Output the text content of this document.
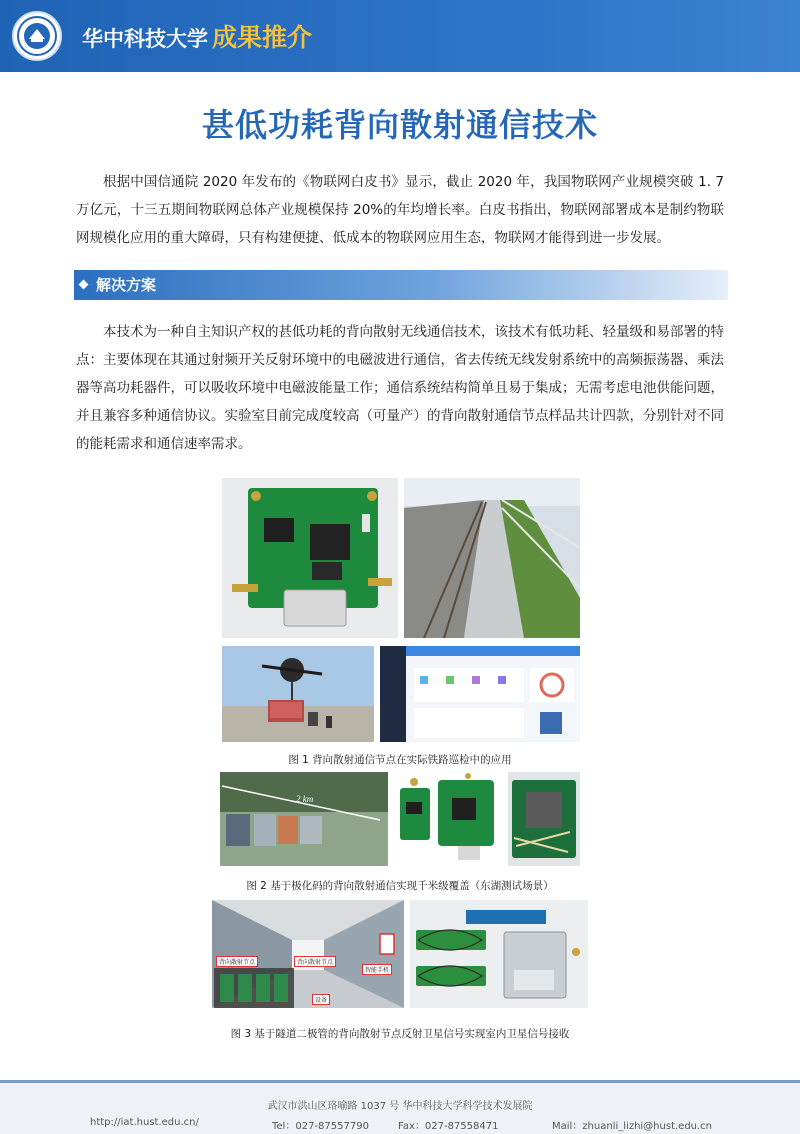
华中科技大学 成果推介
甚低功耗背向散射通信技术
根据中国信通院 2020 年发布的《物联网白皮书》显示，截止 2020 年，我国物联网产业规模突破 1. 7 万亿元，十三五期间物联网总体产业规模保持 20%的年均增长率。白皮书指出，物联网部署成本是制约物联网规模化应用的重大障碍，只有构建便捷、低成本的物联网应用生态，物联网才能得到进一步发展。
解决方案
本技术为一种自主知识产权的甚低功耗的背向散射无线通信技术，该技术有低功耗、轻量级和易部署的特点：主要体现在其通过射频开关反射环境中的电磁波进行通信，省去传统无线发射系统中的高频振荡器、乘法器等高功耗器件，可以吸收环境中电磁波能量工作；通信系统结构简单且易于集成；无需考虑电池供能问题，并且兼容多种通信协议。实验室目前完成度较高（可量产）的背向散射通信节点样品共计四款，分别针对不同的能耗需求和通信速率需求。
图 1 背向散射通信节点在实际铁路巡检中的应用
2 km
图 2 基于极化码的背向散射通信实现千米级覆盖（东湖测试场景）
背向散射节点	背向散射节点
智能手机
设备
图 3 基于隧道二极管的背向散射节点反射卫星信号实现室内卫星信号接收
武汉市洪山区珞喻路 1037 号 华中科技大学科学技术发展院
http://iat.hust.edu.cn/	Tel：027-87557790	Fax：027-87558471	Mail：zhuanli_lizhi@hust.edu.cn
